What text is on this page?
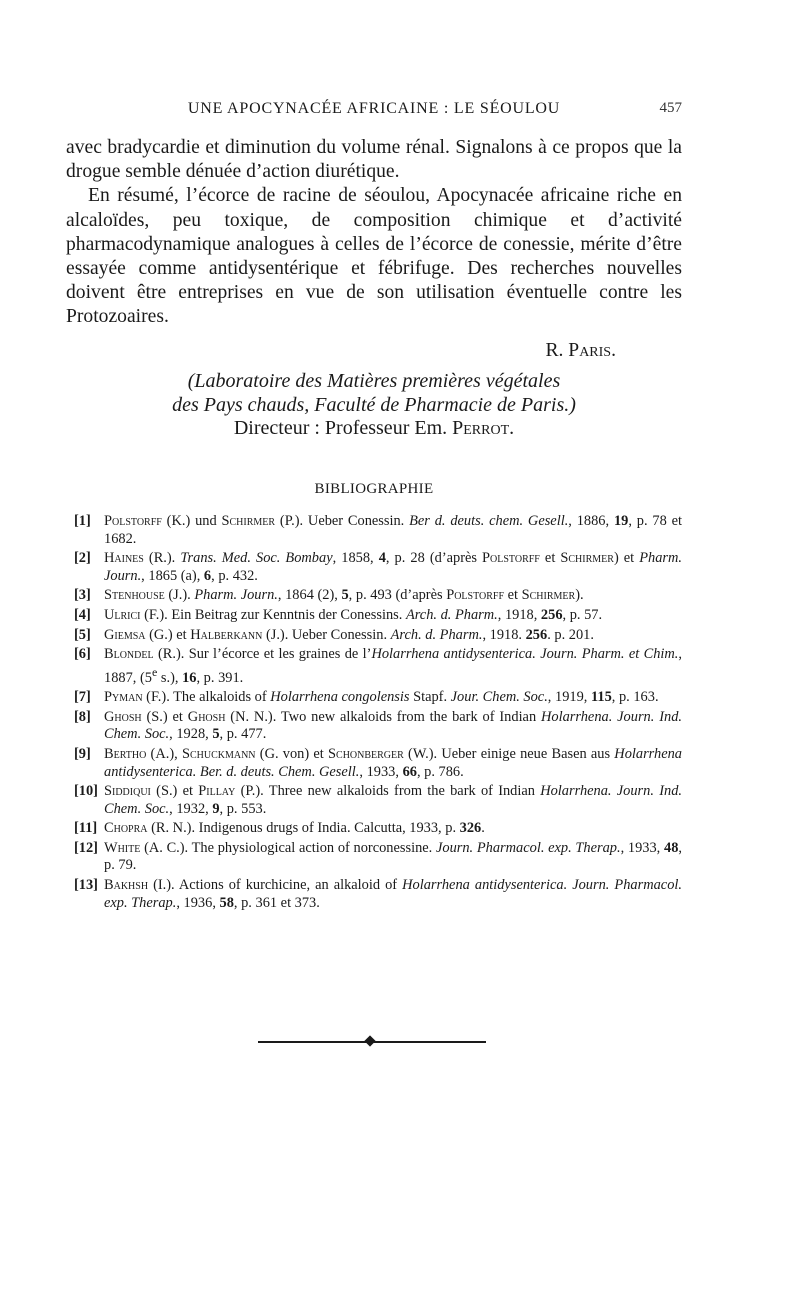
UNE APOCYNACÉE AFRICAINE : LE SÉOULOU	457

avec bradycardie et diminution du volume rénal. Signalons à ce propos que la drogue semble dénuée d’action diurétique.

En résumé, l’écorce de racine de séoulou, Apocynacée africaine riche en alcaloïdes, peu toxique, de composition chimique et d’activité pharmacodynamique analogues à celles de l’écorce de conessie, mérite d’être essayée comme antidysentérique et fébrifuge. Des recherches nouvelles doivent être entreprises en vue de son utilisation éventuelle contre les Protozoaires.

R. Paris.
(Laboratoire des Matières premières végétales
des Pays chauds, Faculté de Pharmacie de Paris.)
Directeur : Professeur Em. Perrot.
BIBLIOGRAPHIE
[1] Polstorff (K.) und Schirmer (P.). Ueber Conessin. Ber d. deuts. chem. Gesell., 1886, 19, p. 78 et 1682.
[2] Haines (R.). Trans. Med. Soc. Bombay, 1858, 4, p. 28 (d’après Polstorff et Schirmer) et Pharm. Journ., 1865 (a), 6, p. 432.
[3] Stenhouse (J.). Pharm. Journ., 1864 (2), 5, p. 493 (d’après Polstorff et Schirmer).
[4] Ulrici (F.). Ein Beitrag zur Kenntnis der Conessins. Arch. d. Pharm., 1918, 256, p. 57.
[5] Giemsa (G.) et Halberkann (J.). Ueber Conessin. Arch. d. Pharm., 1918. 256. p. 201.
[6] Blondel (R.). Sur l’écorce et les graines de l’Holarrhena antidysenterica. Journ. Pharm. et Chim., 1887, (5e s.), 16, p. 391.
[7] Pyman (F.). The alkaloids of Holarrhena congolensis Stapf. Jour. Chem. Soc., 1919, 115, p. 163.
[8] Ghosh (S.) et Ghosh (N. N.). Two new alkaloids from the bark of Indian Holarrhena. Journ. Ind. Chem. Soc., 1928, 5, p. 477.
[9] Bertho (A.), Schuckmann (G. von) et Schonberger (W.). Ueber einige neue Basen aus Holarrhena antidysenterica. Ber. d. deuts. Chem. Gesell., 1933, 66, p. 786.
[10] Siddiqui (S.) et Pillay (P.). Three new alkaloids from the bark of Indian Holarrhena. Journ. Ind. Chem. Soc., 1932, 9, p. 553.
[11] Chopra (R. N.). Indigenous drugs of India. Calcutta, 1933, p. 326.
[12] White (A. C.). The physiological action of norconessine. Journ. Pharmacol. exp. Therap., 1933, 48, p. 79.
[13] Bakhsh (I.). Actions of kurchicine, an alkaloid of Holarrhena antidysenterica. Journ. Pharmacol. exp. Therap., 1936, 58, p. 361 et 373.
